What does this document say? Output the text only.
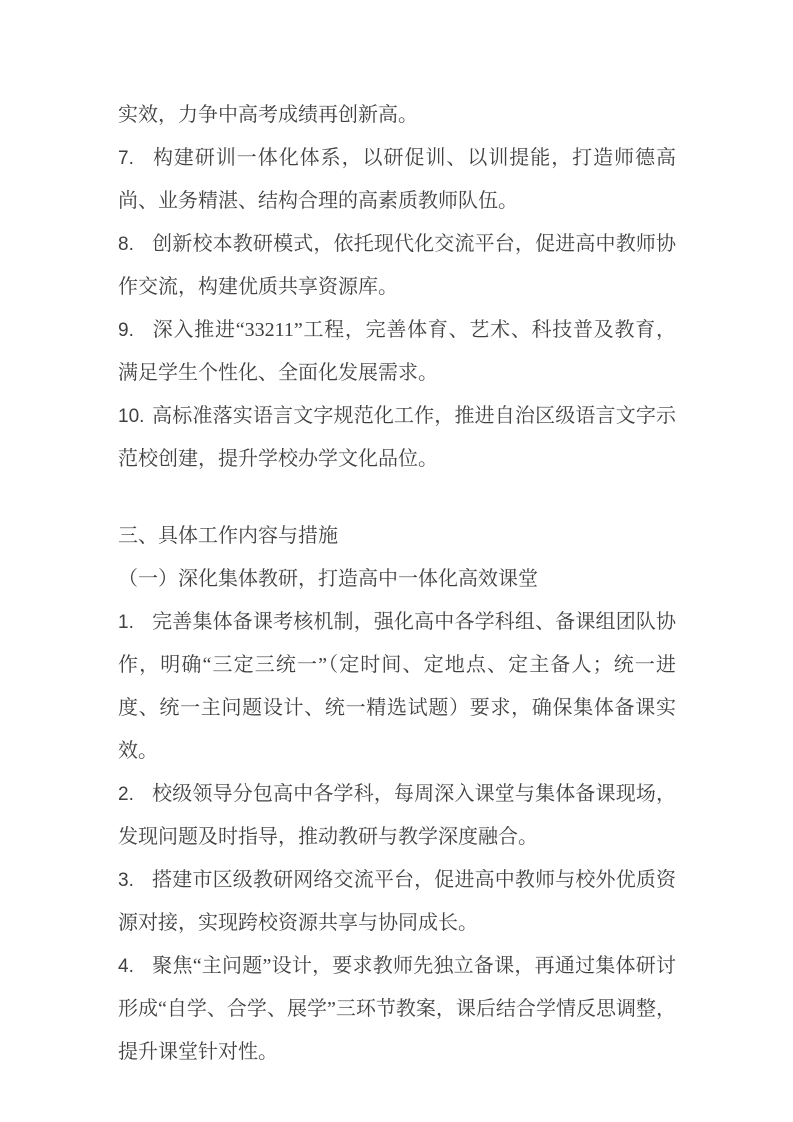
实效，力争中高考成绩再创新高。

7. 构建研训一体化体系，以研促训、以训提能，打造师德高尚、业务精湛、结构合理的高素质教师队伍。

8. 创新校本教研模式，依托现代化交流平台，促进高中教师协作交流，构建优质共享资源库。

9. 深入推进“33211”工程，完善体育、艺术、科技普及教育，满足学生个性化、全面化发展需求。

10. 高标准落实语言文字规范化工作，推进自治区级语言文字示范校创建，提升学校办学文化品位。

三、具体工作内容与措施

（一）深化集体教研，打造高中一体化高效课堂

1. 完善集体备课考核机制，强化高中各学科组、备课组团队协作，明确“三定三统一”（定时间、定地点、定主备人；统一进度、统一主问题设计、统一精选试题）要求，确保集体备课实效。

2. 校级领导分包高中各学科，每周深入课堂与集体备课现场，发现问题及时指导，推动教研与教学深度融合。

3. 搭建市区级教研网络交流平台，促进高中教师与校外优质资源对接，实现跨校资源共享与协同成长。

4. 聚焦“主问题”设计，要求教师先独立备课，再通过集体研讨形成“自学、合学、展学”三环节教案，课后结合学情反思调整，提升课堂针对性。
